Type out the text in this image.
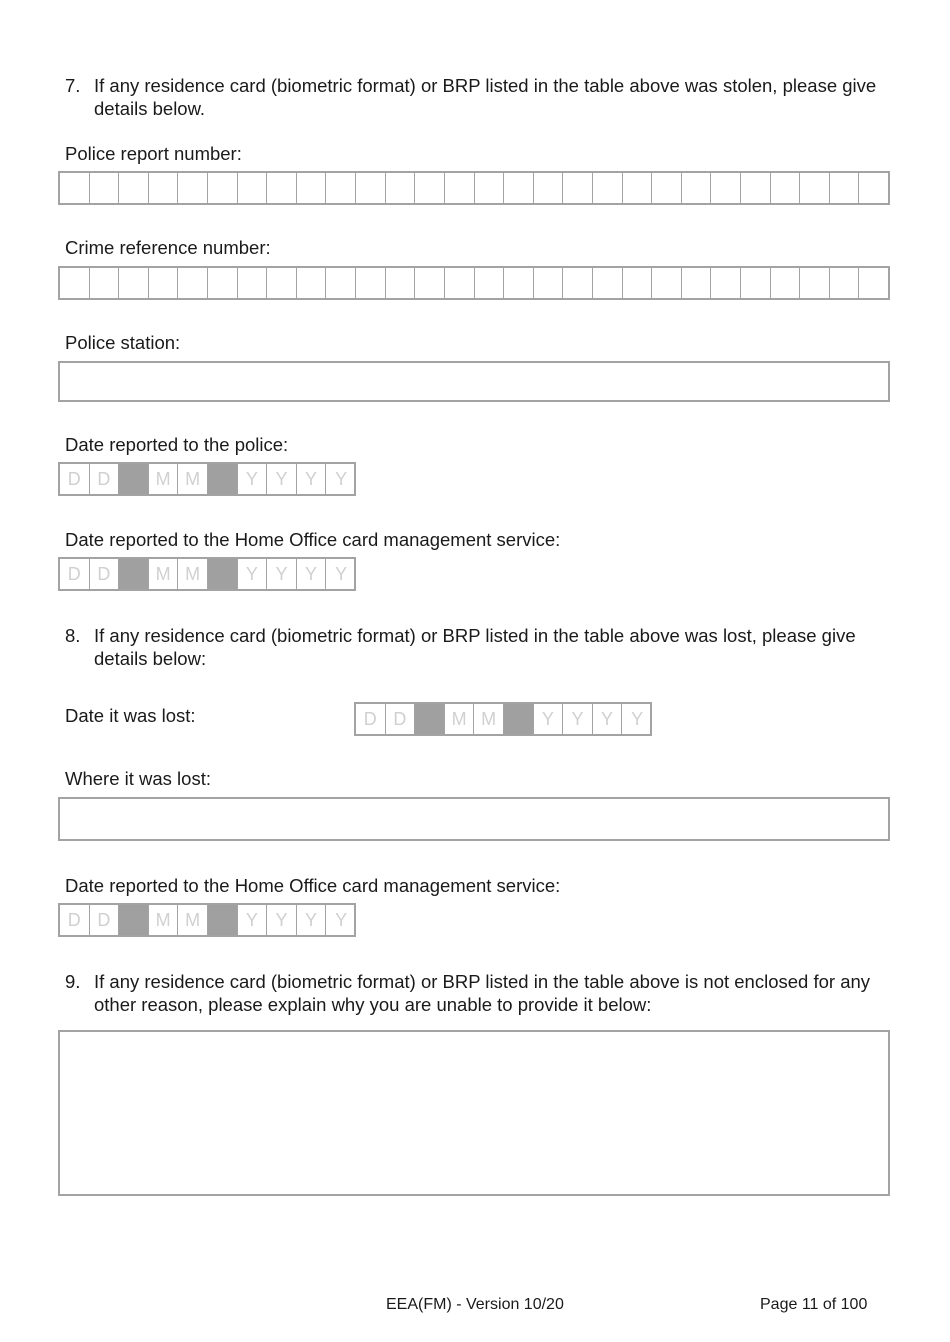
7. If any residence card (biometric format) or BRP listed in the table above was stolen, please give details below.
Police report number:
Crime reference number:
Police station:
Date reported to the police:
D D	M M	Y Y Y	Y
Date reported to the Home Office card management service:
D D	M M	Y Y Y	Y
8. If any residence card (biometric format) or BRP listed in the table above was lost, please give details below:
Date it was lost:	D D	M M	Y Y Y	Y
Where it was lost:
Date reported to the Home Office card management service:
D D	M M	Y Y Y	Y
9. If any residence card (biometric format) or BRP listed in the table above is not enclosed for any other reason, please explain why you are unable to provide it below:
EEA(FM) - Version 10/20	Page 11 of 100
